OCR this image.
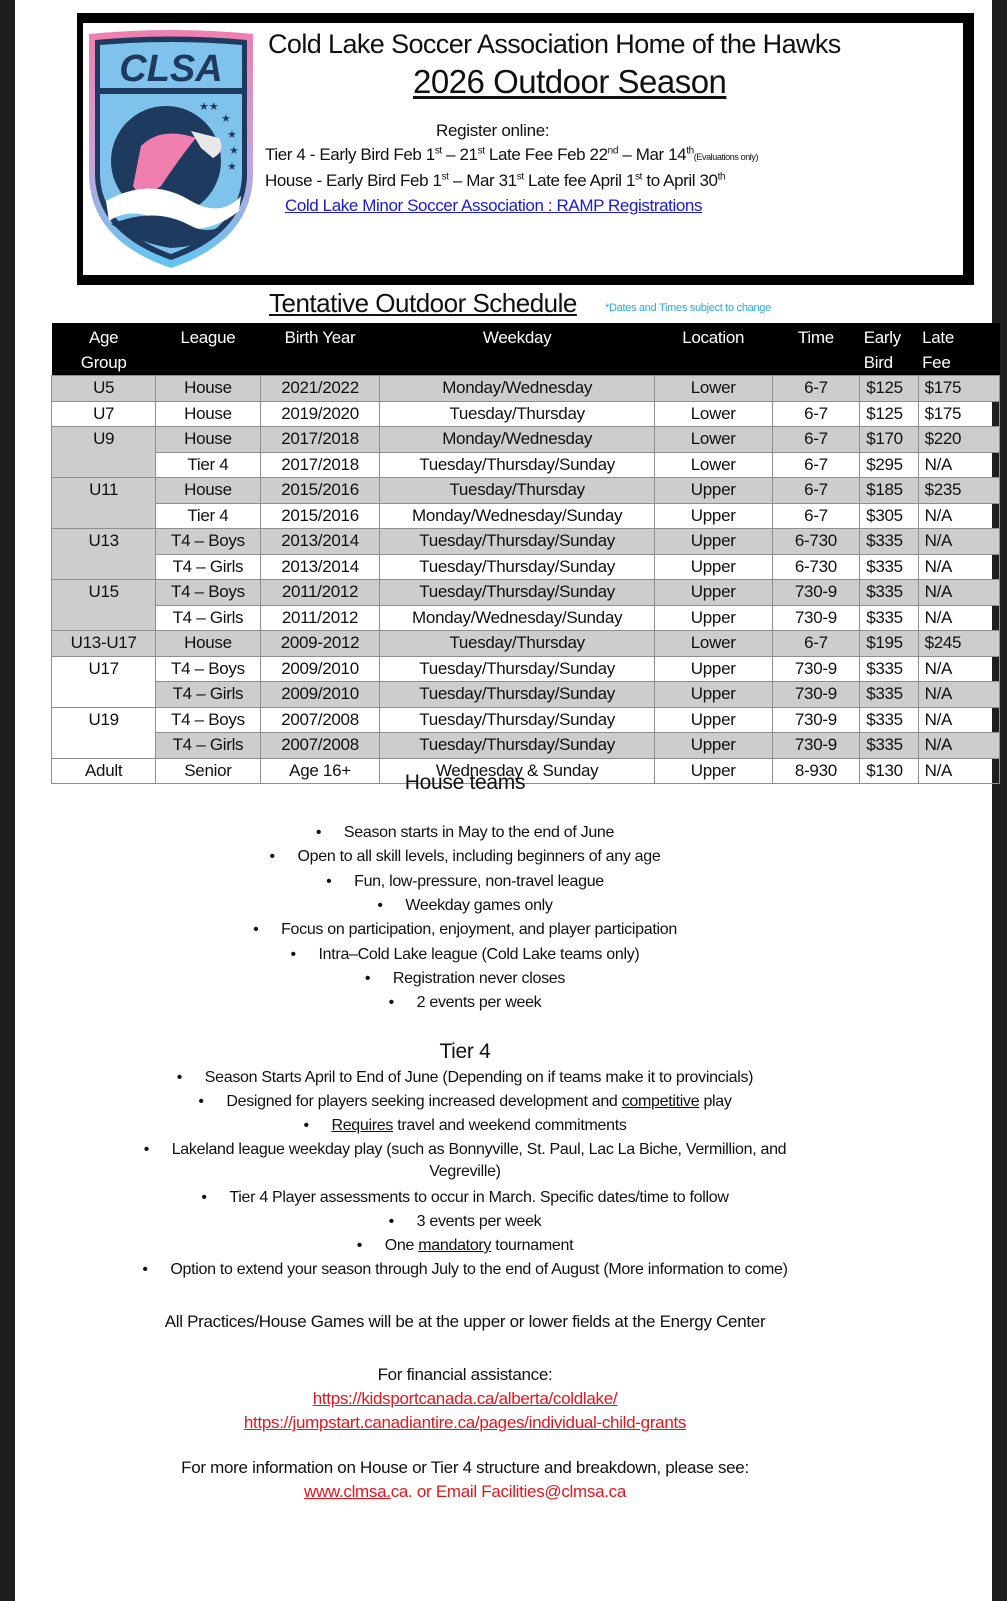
CLSA
★★
★
★
★
★
Cold Lake Soccer Association Home of the Hawks
2026 Outdoor Season
Register online:
Tier 4 - Early Bird Feb 1st – 21st Late Fee Feb 22nd – Mar 14th(Evaluations only)
House - Early Bird Feb 1st – Mar 31st Late fee April 1st to April 30th
Cold Lake Minor Soccer Association : RAMP Registrations
Tentative Outdoor Schedule	*Dates and Times subject to change
Age
Group	League	Birth Year	Weekday	Location	Time	Early
Bird	Late
Fee
U5	House	2021/2022	Monday/Wednesday	Lower	6-7	$125	$175
U7	House	2019/2020	Tuesday/Thursday	Lower	6-7	$125	$175
U9	House	2017/2018	Monday/Wednesday	Lower	6-7	$170	$220
	Tier 4	2017/2018	Tuesday/Thursday/Sunday	Lower	6-7	$295	N/A
U11	House	2015/2016	Tuesday/Thursday	Upper	6-7	$185	$235
	Tier 4	2015/2016	Monday/Wednesday/Sunday	Upper	6-7	$305	N/A
U13	T4 – Boys	2013/2014	Tuesday/Thursday/Sunday	Upper	6-730	$335	N/A
	T4 – Girls	2013/2014	Tuesday/Thursday/Sunday	Upper	6-730	$335	N/A
U15	T4 – Boys	2011/2012	Tuesday/Thursday/Sunday	Upper	730-9	$335	N/A
	T4 – Girls	2011/2012	Monday/Wednesday/Sunday	Upper	730-9	$335	N/A
U13-U17	House	2009-2012	Tuesday/Thursday	Lower	6-7	$195	$245
U17	T4 – Boys	2009/2010	Tuesday/Thursday/Sunday	Upper	730-9	$335	N/A
	T4 – Girls	2009/2010	Tuesday/Thursday/Sunday	Upper	730-9	$335	N/A
U19	T4 – Boys	2007/2008	Tuesday/Thursday/Sunday	Upper	730-9	$335	N/A
	T4 – Girls	2007/2008	Tuesday/Thursday/Sunday	Upper	730-9	$335	N/A
Adult	Senior	Age 16+	Wednesday & Sunday	Upper	8-930	$130	N/A
House teams
• Season starts in May to the end of June
• Open to all skill levels, including beginners of any age
• Fun, low-pressure, non-travel league
• Weekday games only
• Focus on participation, enjoyment, and player participation
• Intra–Cold Lake league (Cold Lake teams only)
• Registration never closes
• 2 events per week
Tier 4
• Season Starts April to End of June (Depending on if teams make it to provincials)
• Designed for players seeking increased development and competitive play
• Requires travel and weekend commitments
• Lakeland league weekday play (such as Bonnyville, St. Paul, Lac La Biche, Vermillion, and
Vegreville)
• Tier 4 Player assessments to occur in March. Specific dates/time to follow
• 3 events per week
• One mandatory tournament
• Option to extend your season through July to the end of August (More information to come)
All Practices/House Games will be at the upper or lower fields at the Energy Center
For financial assistance:
https://kidsportcanada.ca/alberta/coldlake/
https://jumpstart.canadiantire.ca/pages/individual-child-grants
For more information on House or Tier 4 structure and breakdown, please see:
www.clmsa.ca. or Email Facilities@clmsa.ca
